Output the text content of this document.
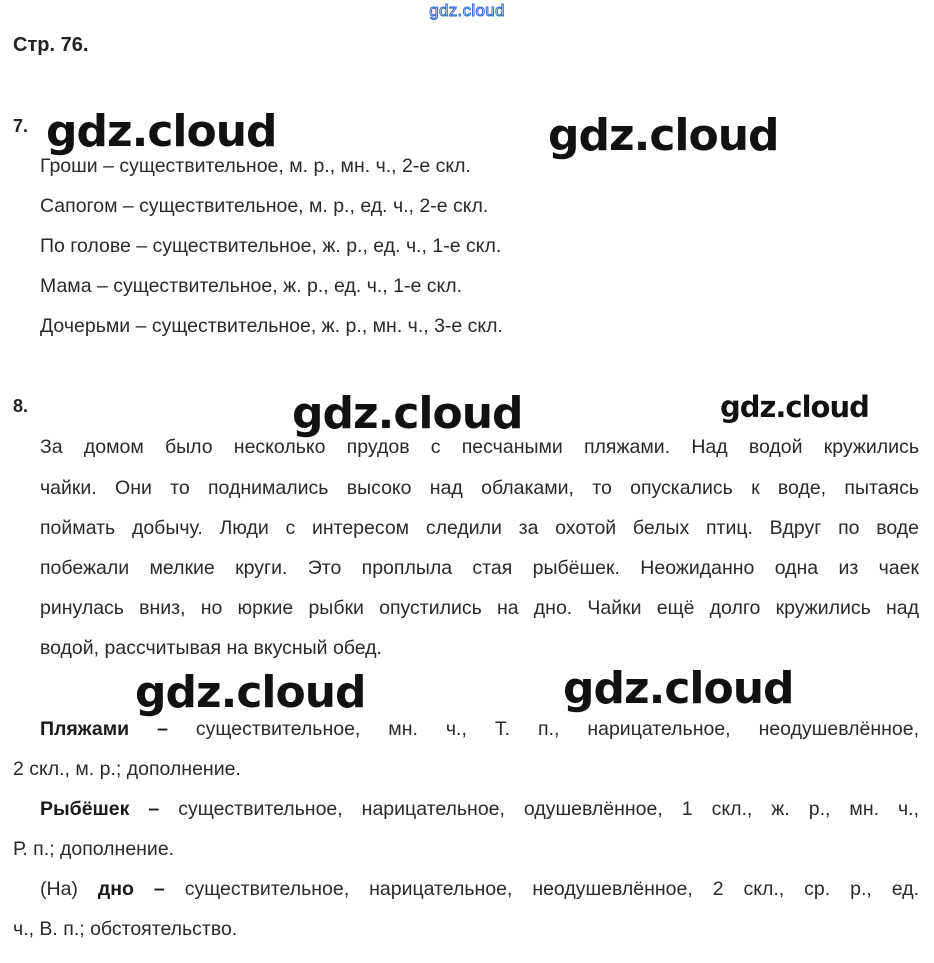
gdz.cloud
Стр. 76.
7.
Гроши – существительное, м. р., мн. ч., 2-е скл.
Сапогом – существительное, м. р., ед. ч., 2-е скл.
По голове – существительное, ж. р., ед. ч., 1-е скл.
Мама – существительное, ж. р., ед. ч., 1-е скл.
Дочерьми – существительное, ж. р., мн. ч., 3-е скл.
8.
За домом было несколько прудов с песчаными пляжами. Над водой кружились
чайки. Они то поднимались высоко над облаками, то опускались к воде, пытаясь
поймать добычу. Люди с интересом следили за охотой белых птиц. Вдруг по воде
побежали мелкие круги. Это проплыла стая рыбёшек. Неожиданно одна из чаек
ринулась вниз, но юркие рыбки опустились на дно. Чайки ещё долго кружились над
водой, рассчитывая на вкусный обед.
Пляжами – существительное, мн. ч., Т. п., нарицательное, неодушевлённое,
2 скл., м. р.; дополнение.
Рыбёшек – существительное, нарицательное, одушевлённое, 1 скл., ж. р., мн. ч.,
Р. п.; дополнение.
(На) дно – существительное, нарицательное, неодушевлённое, 2 скл., ср. р., ед.
ч., В. п.; обстоятельство.
gdz.cloud	gdz.cloud
gdz.cloud	gdz.cloud
gdz.cloud	gdz.cloud
